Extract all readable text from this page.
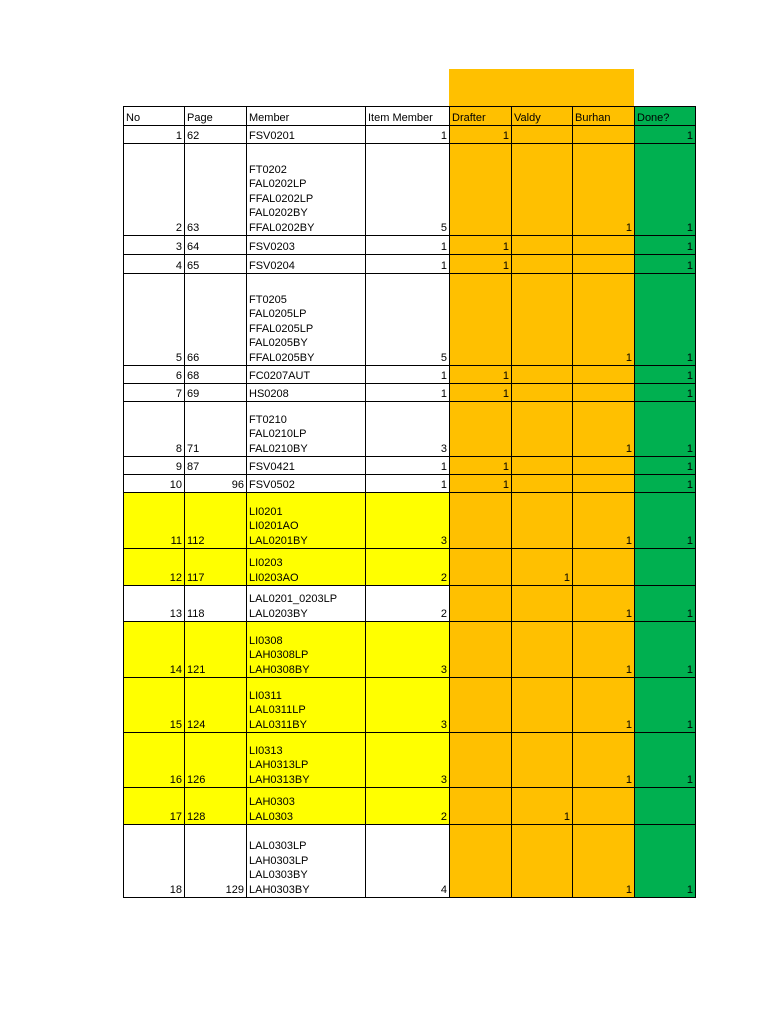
No	Page	Member	Item Member	Drafter	Valdy	Burhan	Done?
1	62	FSV0201	1	1			1
2	63	FT0202
FAL0202LP
FFAL0202LP
FAL0202BY
FFAL0202BY	5			1	1
3	64	FSV0203	1	1			1
4	65	FSV0204	1	1			1
5	66	FT0205
FAL0205LP
FFAL0205LP
FAL0205BY
FFAL0205BY	5			1	1
6	68	FC0207AUT	1	1			1
7	69	HS0208	1	1			1
8	71	FT0210
FAL0210LP
FAL0210BY	3			1	1
9	87	FSV0421	1	1			1
10	96	FSV0502	1	1			1
11	112	LI0201
LI0201AO
LAL0201BY	3			1	1
12	117	LI0203
LI0203AO	2		1		
13	118	LAL0201_0203LP
LAL0203BY	2			1	1
14	121	LI0308
LAH0308LP
LAH0308BY	3			1	1
15	124	LI0311
LAL0311LP
LAL0311BY	3			1	1
16	126	LI0313
LAH0313LP
LAH0313BY	3			1	1
17	128	LAH0303
LAL0303	2		1		
18	129	LAL0303LP
LAH0303LP
LAL0303BY
LAH0303BY	4			1	1
